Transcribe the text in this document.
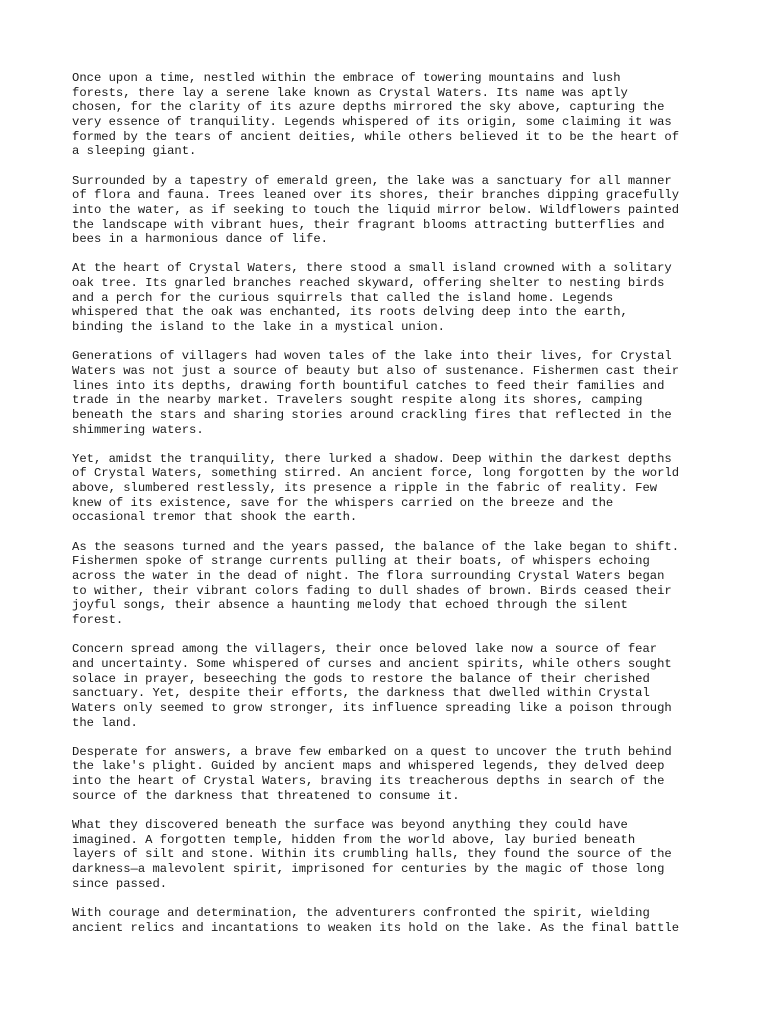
Once upon a time, nestled within the embrace of towering mountains and lush
forests, there lay a serene lake known as Crystal Waters. Its name was aptly
chosen, for the clarity of its azure depths mirrored the sky above, capturing the
very essence of tranquility. Legends whispered of its origin, some claiming it was
formed by the tears of ancient deities, while others believed it to be the heart of
a sleeping giant.

Surrounded by a tapestry of emerald green, the lake was a sanctuary for all manner
of flora and fauna. Trees leaned over its shores, their branches dipping gracefully
into the water, as if seeking to touch the liquid mirror below. Wildflowers painted
the landscape with vibrant hues, their fragrant blooms attracting butterflies and
bees in a harmonious dance of life.

At the heart of Crystal Waters, there stood a small island crowned with a solitary
oak tree. Its gnarled branches reached skyward, offering shelter to nesting birds
and a perch for the curious squirrels that called the island home. Legends
whispered that the oak was enchanted, its roots delving deep into the earth,
binding the island to the lake in a mystical union.

Generations of villagers had woven tales of the lake into their lives, for Crystal
Waters was not just a source of beauty but also of sustenance. Fishermen cast their
lines into its depths, drawing forth bountiful catches to feed their families and
trade in the nearby market. Travelers sought respite along its shores, camping
beneath the stars and sharing stories around crackling fires that reflected in the
shimmering waters.

Yet, amidst the tranquility, there lurked a shadow. Deep within the darkest depths
of Crystal Waters, something stirred. An ancient force, long forgotten by the world
above, slumbered restlessly, its presence a ripple in the fabric of reality. Few
knew of its existence, save for the whispers carried on the breeze and the
occasional tremor that shook the earth.

As the seasons turned and the years passed, the balance of the lake began to shift.
Fishermen spoke of strange currents pulling at their boats, of whispers echoing
across the water in the dead of night. The flora surrounding Crystal Waters began
to wither, their vibrant colors fading to dull shades of brown. Birds ceased their
joyful songs, their absence a haunting melody that echoed through the silent
forest.

Concern spread among the villagers, their once beloved lake now a source of fear
and uncertainty. Some whispered of curses and ancient spirits, while others sought
solace in prayer, beseeching the gods to restore the balance of their cherished
sanctuary. Yet, despite their efforts, the darkness that dwelled within Crystal
Waters only seemed to grow stronger, its influence spreading like a poison through
the land.

Desperate for answers, a brave few embarked on a quest to uncover the truth behind
the lake's plight. Guided by ancient maps and whispered legends, they delved deep
into the heart of Crystal Waters, braving its treacherous depths in search of the
source of the darkness that threatened to consume it.

What they discovered beneath the surface was beyond anything they could have
imagined. A forgotten temple, hidden from the world above, lay buried beneath
layers of silt and stone. Within its crumbling halls, they found the source of the
darkness—a malevolent spirit, imprisoned for centuries by the magic of those long
since passed.

With courage and determination, the adventurers confronted the spirit, wielding
ancient relics and incantations to weaken its hold on the lake. As the final battle
